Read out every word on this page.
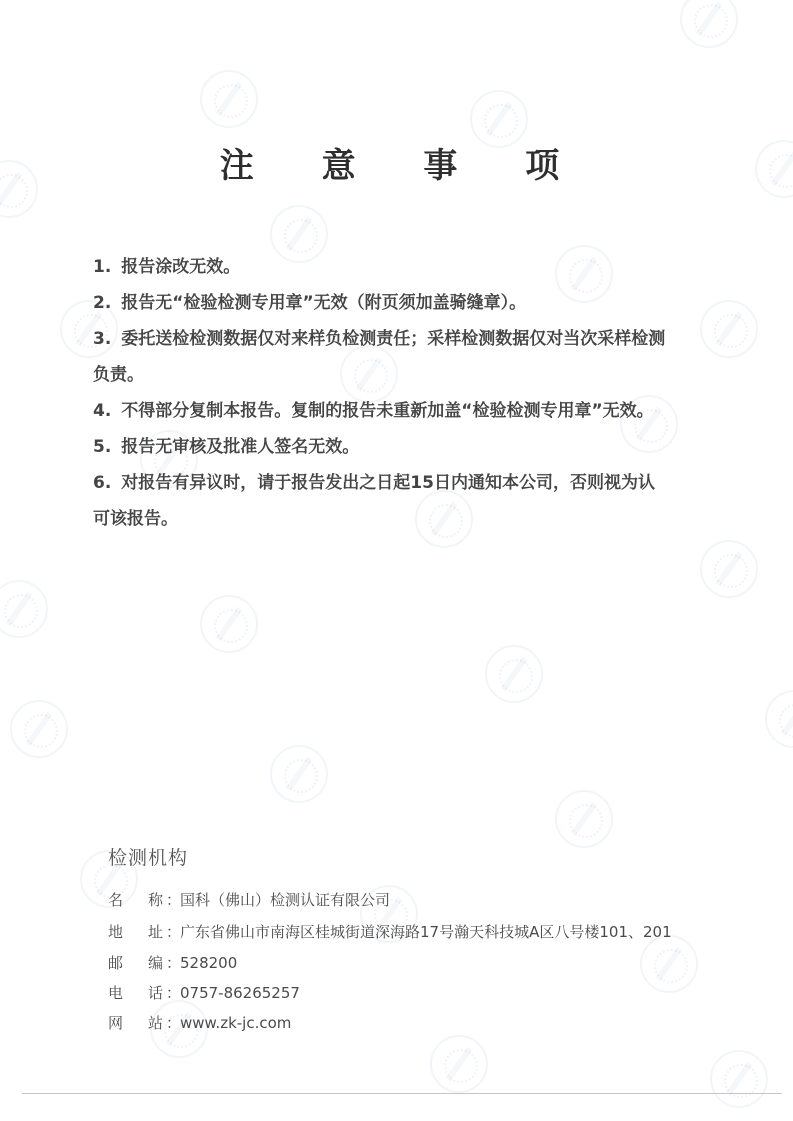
注 意 事 项
1. 报告涂改无效。
2. 报告无“检验检测专用章”无效（附页须加盖骑缝章）。
3. 委托送检检测数据仅对来样负检测责任；采样检测数据仅对当次采样检测
负责。
4. 不得部分复制本报告。复制的报告未重新加盖“检验检测专用章”无效。
5. 报告无审核及批准人签名无效。
6. 对报告有异议时，请于报告发出之日起15日内通知本公司，否则视为认
可该报告。
检测机构
名 称 ：国科（佛山）检测认证有限公司
地 址 ：广东省佛山市南海区桂城街道深海路17号瀚天科技城A区八号楼101、201
邮 编 ：528200
电 话 ：0757-86265257
网 站 ：www.zk-jc.com
